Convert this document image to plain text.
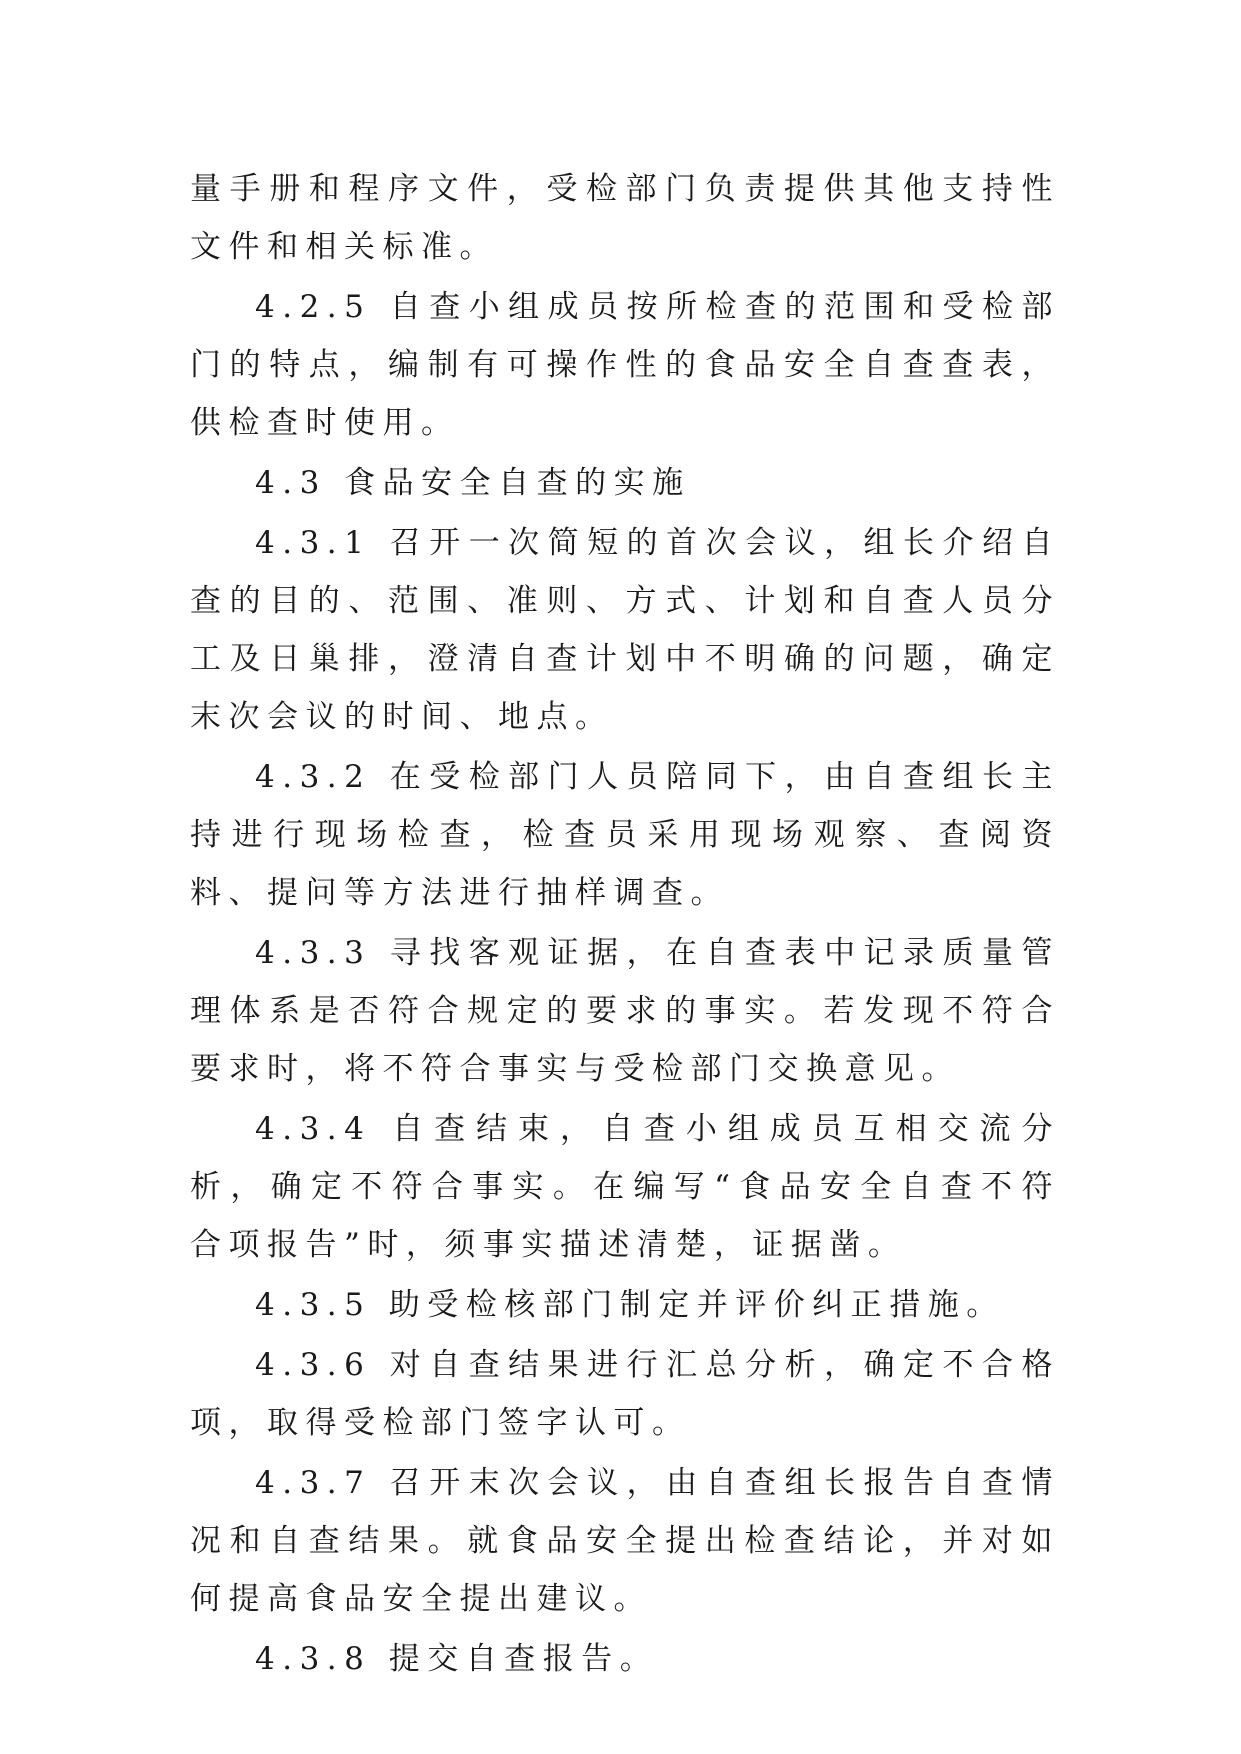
量手册和程序文件，受检部门负责提供其他支持性文件和相关标准。

4.2.5 自查小组成员按所检查的范围和受检部门的特点，编制有可操作性的食品安全自查查表，供检查时使用。

4.3 食品安全自查的实施

4.3.1 召开一次简短的首次会议，组长介绍自查的目的、范围、准则、方式、计划和自查人员分工及日巢排，澄清自查计划中不明确的问题，确定末次会议的时间、地点。

4.3.2 在受检部门人员陪同下，由自查组长主持进行现场检查，检查员采用现场观察、查阅资料、提问等方法进行抽样调查。

4.3.3 寻找客观证据，在自查表中记录质量管理体系是否符合规定的要求的事实。若发现不符合要求时，将不符合事实与受检部门交换意见。

4.3.4 自查结束，自查小组成员互相交流分析，确定不符合事实。在编写“食品安全自查不符合项报告”时，须事实描述清楚，证据凿。

4.3.5 助受检核部门制定并评价纠正措施。

4.3.6 对自查结果进行汇总分析，确定不合格项，取得受检部门签字认可。

4.3.7 召开末次会议，由自查组长报告自查情况和自查结果。就食品安全提出检查结论，并对如何提高食品安全提出建议。

4.3.8 提交自查报告。
